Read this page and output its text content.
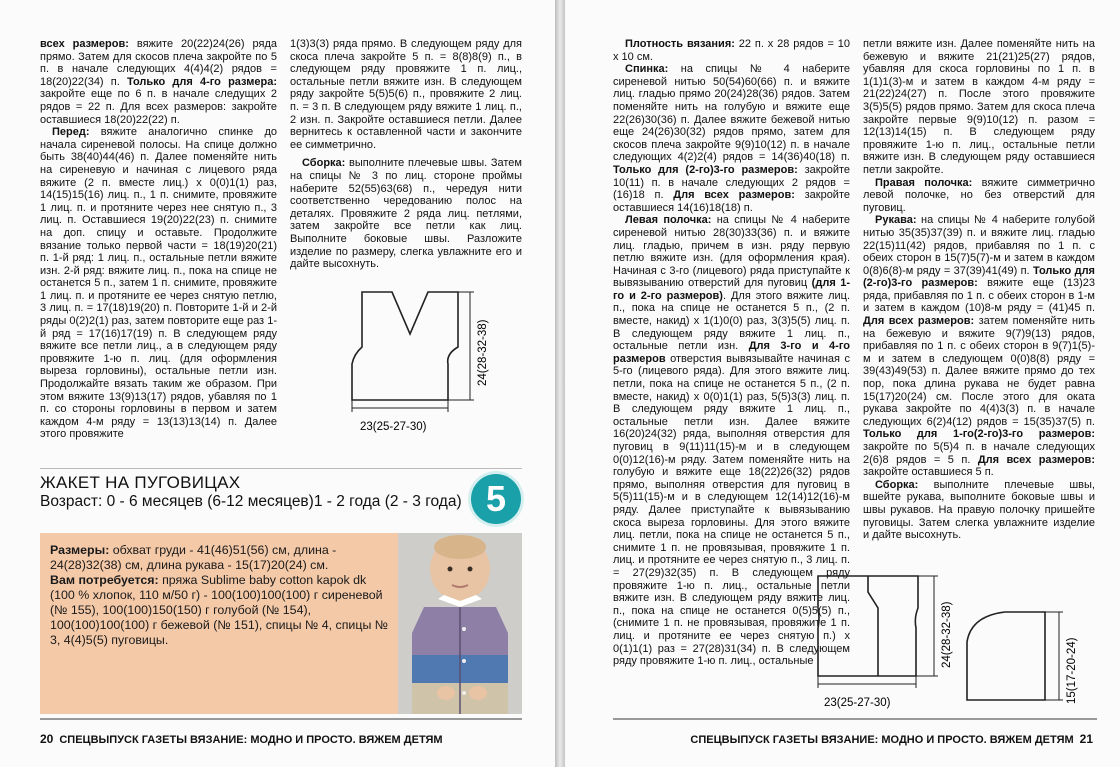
всех размеров: вяжите 20(22)24(26) ряда прямо. Затем для скосов плеча закройте по 5 п. в начале следующих 4(4)4(2) рядов = 18(20)22(34) п. Только для 4-го размера: закройте еще по 6 п. в начале следущих 2 рядов = 22 п. Для всех размеров: закройте оставшиеся 18(20)22(22) п.

Перед: вяжите аналогично спинке до начала сиреневой полосы. На спице должно быть 38(40)44(46) п. Далее поменяйте нить на сиреневую и начиная с лицевого ряда вяжите (2 п. вместе лиц.) х 0(0)1(1) раз, 14(15)15(16) лиц. п., 1 п. снимите, провяжите 1 лиц. п. и протяните через нее снятую п., 3 лиц. п. Оставшиеся 19(20)22(23) п. снимите на доп. спицу и оставьте. Продолжите вязание только первой части = 18(19)20(21) п. 1-й ряд: 1 лиц. п., остальные петли вяжите изн. 2-й ряд: вяжите лиц. п., пока на спице не останется 5 п., затем 1 п. снимите, провяжите 1 лиц. п. и протяните ее через снятую петлю, 3 лиц. п. = 17(18)19(20) п. Повторите 1-й и 2-й ряды 0(2)2(1) раз, затем повторите еще раз 1-й ряд = 17(16)17(19) п. В следующем ряду вяжите все петли лиц., а в следующем ряду провяжите 1-ю п. лиц. (для оформления выреза горловины), остальные петли изн. Продолжайте вязать таким же образом. При этом вяжите 13(9)13(17) рядов, убавляя по 1 п. со стороны горловины в первом и затем каждом 4-м ряду = 13(13)13(14) п. Далее этого провяжите

1(3)3(3) ряда прямо. В следующем ряду для скоса плеча закройте 5 п. = 8(8)8(9) п., в следующем ряду провяжите 1 п. лиц., остальные петли вяжите изн. В следующем ряду закройте 5(5)5(6) п., провяжите 2 лиц. п. = 3 п. В следующем ряду вяжите 1 лиц. п., 2 изн. п. Закройте оставшиеся петли. Далее вернитесь к оставленной части и закончите ее симметрично.

Сборка: выполните плечевые швы. Затем на спицы № 3 по лиц. стороне проймы наберите 52(55)63(68) п., чередуя нити соответственно чередованию полос на деталях. Провяжите 2 ряда лиц. петлями, затем закройте все петли как лиц. Выполните боковые швы. Разложите изделие по размеру, слегка увлажните его и дайте высохнуть.

24(28-32-38)
23(25-27-30)
ЖАКЕТ НА ПУГОВИЦАХ
Возраст: 0 - 6 месяцев (6-12 месяцев)1 - 2 года (2 - 3 года) 5
Размеры: обхват груди - 41(46)51(56) см, длина - 24(28)32(38) см, длина рукава - 15(17)20(24) см.
Вам потребуется: пряжа Sublime baby cotton kapok dk (100 % хлопок, 110 м/50 г) - 100(100)100(100) г сиреневой (№ 155), 100(100)150(150) г голубой (№ 154), 100(100)100(100) г бежевой (№ 151), спицы № 4, спицы № 3, 4(4)5(5) пуговицы.
20 СПЕЦВЫПУСК ГАЗЕТЫ ВЯЗАНИЕ: МОДНО И ПРОСТО. ВЯЖЕМ ДЕТЯМ

Плотность вязания: 22 п. х 28 рядов = 10 х 10 см.

Спинка: на спицы № 4 наберите сиреневой нитью 50(54)60(66) п. и вяжите лиц. гладью прямо 20(24)28(36) рядов. Затем поменяйте нить на голубую и вяжите еще 22(26)30(36) п. Далее вяжите бежевой нитью еще 24(26)30(32) рядов прямо, затем для скосов плеча закройте 9(9)10(12) п. в начале следующих 4(2)2(4) рядов = 14(36)40(18) п. Только для (2-го)3-го размеров: закройте 10(11) п. в начале следующих 2 рядов = (16)18 п. Для всех размеров: закройте оставшиеся 14(16)18(18) п.

Левая полочка: на спицы № 4 наберите сиреневой нитью 28(30)33(36) п. и вяжите лиц. гладью, причем в изн. ряду первую петлю вяжите изн. (для оформления края). Начиная с 3-го (лицевого) ряда приступайте к вывязыванию отверстий для пуговиц (для 1-го и 2-го размеров). Для этого вяжите лиц. п., пока на спице не останется 5 п., (2 п. вместе, накид) х 1(1)0(0) раз, 3(3)5(5) лиц. п. В следующем ряду вяжите 1 лиц. п., остальные петли изн. Для 3-го и 4-го размеров отверстия вывязывайте начиная с 5-го (лицевого ряда). Для этого вяжите лиц. петли, пока на спице не останется 5 п., (2 п. вместе, накид) х 0(0)1(1) раз, 5(5)3(3) лиц. п. В следующем ряду вяжите 1 лиц. п., остальные петли изн. Далее вяжите 16(20)24(32) ряда, выполняя отверстия для пуговиц в 9(11)11(15)-м и в следующем 0(0)12(16)-м ряду. Затем поменяйте нить на голубую и вяжите еще 18(22)26(32) рядов прямо, выполняя отверстия для пуговиц в 5(5)11(15)-м и в следующем 12(14)12(16)-м ряду. Далее приступайте к вывязыванию скоса выреза горловины. Для этого вяжите лиц. петли, пока на спице не останется 5 п., снимите 1 п. не провязывая, провяжите 1 п. лиц. и протяните ее через снятую п., 3 лиц. п. = 27(29)32(35) п. В следующем ряду провяжите 1-ю п. лиц., остальные петли вяжите изн. В следующем ряду вяжите лиц. п., пока на спице не останется 0(5)5(5) п., (снимите 1 п. не провязывая, провяжите 1 п. лиц. и протяните ее через снятую п.) х 0(1)1(1) раз = 27(28)31(34) п. В следующем ряду провяжите 1-ю п. лиц., остальные

петли вяжите изн. Далее поменяйте нить на бежевую и вяжите 21(21)25(27) рядов, убавляя для скоса горловины по 1 п. в 1(1)1(3)-м и затем в каждом 4-м ряду = 21(22)24(27) п. После этого провяжите 3(5)5(5) рядов прямо. Затем для скоса плеча закройте первые 9(9)10(12) п. разом = 12(13)14(15) п. В следующем ряду провяжите 1-ю п. лиц., остальные петли вяжите изн. В следующем ряду оставшиеся петли закройте.

Правая полочка: вяжите симметрично левой полочке, но без отверстий для пуговиц.

Рукава: на спицы № 4 наберите голубой нитью 35(35)37(39) п. и вяжите лиц. гладью 22(15)11(42) рядов, прибавляя по 1 п. с обеих сторон в 15(7)5(7)-м и затем в каждом 0(8)6(8)-м ряду = 37(39)41(49) п. Только для (2-го)3-го размеров: вяжите еще (13)23 ряда, прибавляя по 1 п. с обеих сторон в 1-м и затем в каждом (10)8-м ряду = (41)45 п. Для всех размеров: затем поменяйте нить на бежевую и вяжите 9(7)9(13) рядов, прибавляя по 1 п. с обеих сторон в 9(7)1(5)-м и затем в следующем 0(0)8(8) ряду = 39(43)49(53) п. Далее вяжите прямо до тех пор, пока длина рукава не будет равна 15(17)20(24) см. После этого для оката рукава закройте по 4(4)3(3) п. в начале следующих 6(2)4(12) рядов = 15(35)37(5) п. Только для 1-го(2-го)3-го размеров: закройте по 5(5)4 п. в начале следующих 2(6)8 рядов = 5 п. Для всех размеров: закройте оставшиеся 5 п.

Сборка: выполните плечевые швы, вшейте рукава, выполните боковые швы и швы рукавов. На правую полочку пришейте пуговицы. Затем слегка увлажните изделие и дайте высохнуть.

24(28-32-38)
23(25-27-30)	15(17-20-24)
СПЕЦВЫПУСК ГАЗЕТЫ ВЯЗАНИЕ: МОДНО И ПРОСТО. ВЯЖЕМ ДЕТЯМ 21
